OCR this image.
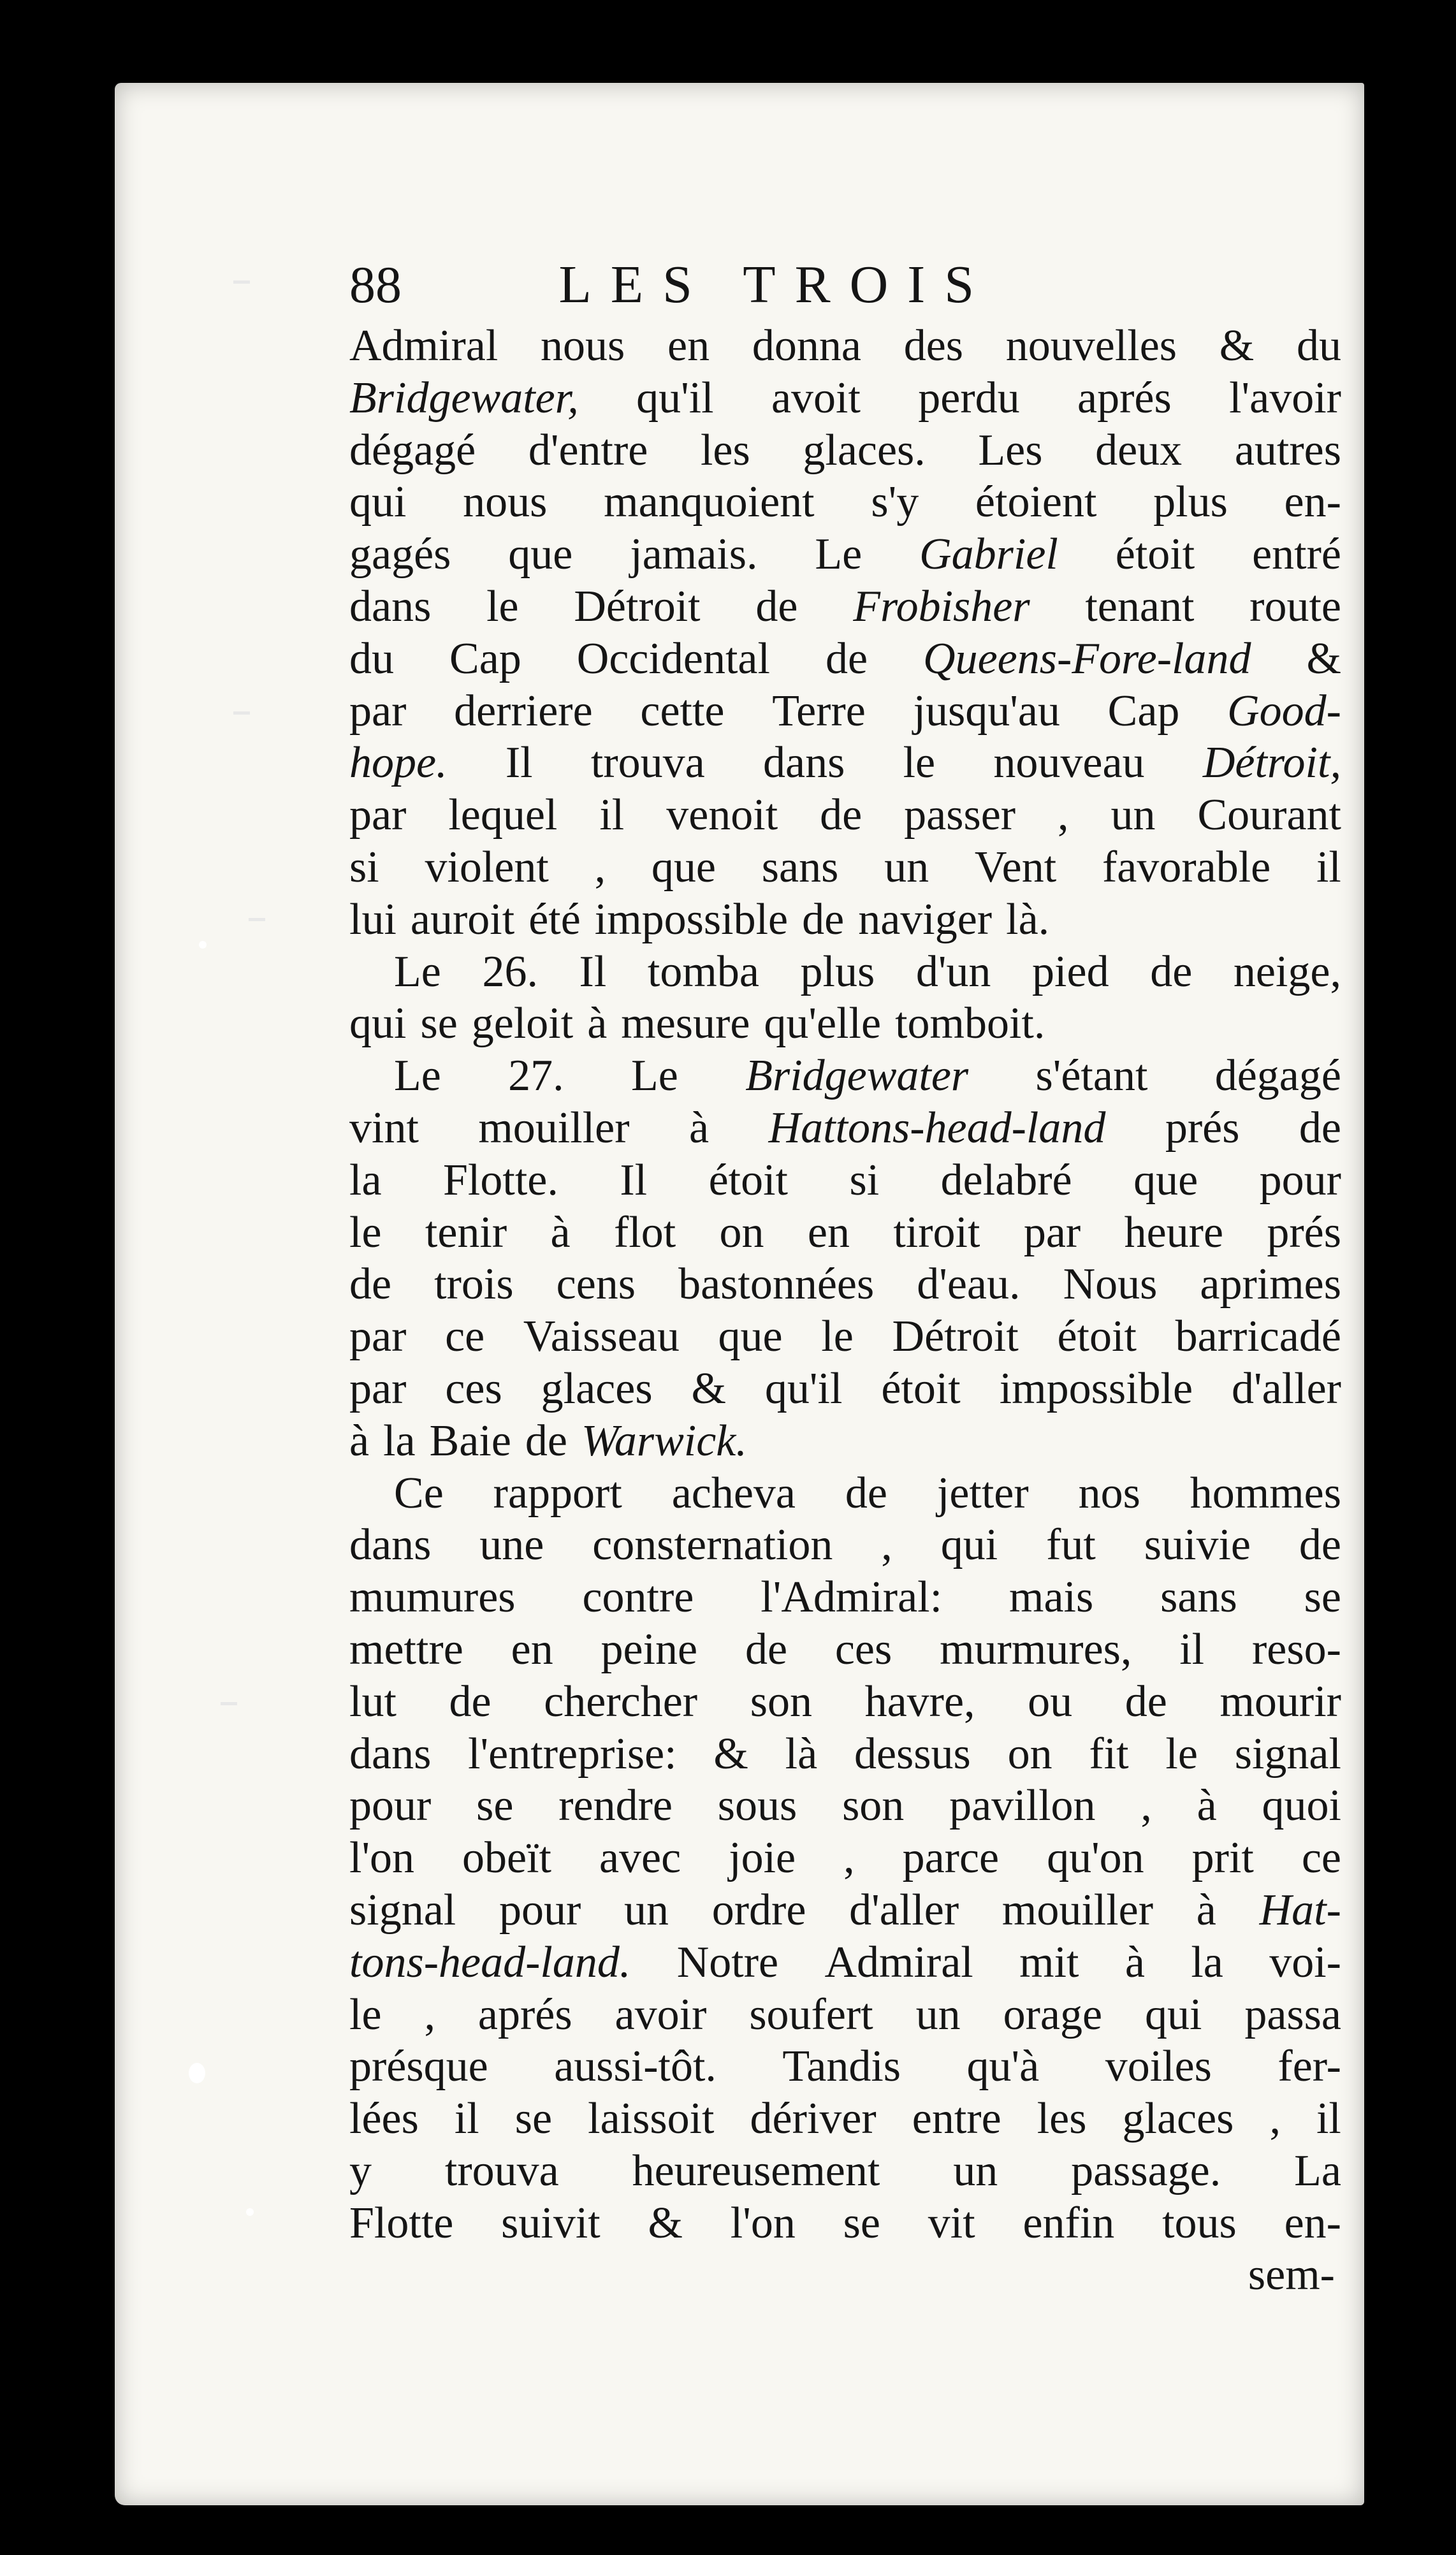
88	LES TROIS
Admiral nous en donna des nouvelles & du
Bridgewater, qu'il avoit perdu aprés l'avoir
dégagé d'entre les glaces. Les deux autres
qui nous manquoient s'y étoient plus en-
gagés que jamais. Le Gabriel étoit entré
dans le Détroit de Frobisher tenant route
du Cap Occidental de Queens-Fore-land &
par derriere cette Terre jusqu'au Cap Good-
hope. Il trouva dans le nouveau Détroit,
par lequel il venoit de passer , un Courant
si violent , que sans un Vent favorable il
lui auroit été impossible de naviger là.
Le 26. Il tomba plus d'un pied de neige,
qui se geloit à mesure qu'elle tomboit.
Le 27. Le Bridgewater s'étant dégagé
vint mouiller à Hattons-head-land prés de
la Flotte. Il étoit si delabré que pour
le tenir à flot on en tiroit par heure prés
de trois cens bastonnées d'eau. Nous aprimes
par ce Vaisseau que le Détroit étoit barricadé
par ces glaces & qu'il étoit impossible d'aller
à la Baie de Warwick.
Ce rapport acheva de jetter nos hommes
dans une consternation , qui fut suivie de
mumures contre l'Admiral: mais sans se
mettre en peine de ces murmures, il reso-
lut de chercher son havre, ou de mourir
dans l'entreprise: & là dessus on fit le signal
pour se rendre sous son pavillon , à quoi
l'on obeït avec joie , parce qu'on prit ce
signal pour un ordre d'aller mouiller à Hat-
tons-head-land. Notre Admiral mit à la voi-
le , aprés avoir soufert un orage qui passa
présque aussi-tôt. Tandis qu'à voiles fer-
lées il se laissoit dériver entre les glaces , il
y trouva heureusement un passage. La
Flotte suivit & l'on se vit enfin tous en-
sem-
